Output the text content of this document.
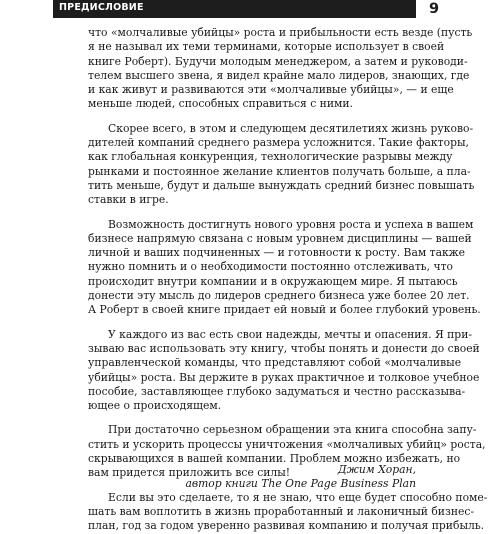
ПРЕДИСЛОВИЕ	9

что «молчаливые убийцы» роста и прибыльности есть везде (пусть
я не называл их теми терминами, которые использует в своей
книге Роберт). Будучи молодым менеджером, а затем и руководи-
телем высшего звена, я видел крайне мало лидеров, знающих, где
и как живут и развиваются эти «молчаливые убийцы», — и еще
меньше людей, способных справиться с ними.

Скорее всего, в этом и следующем десятилетиях жизнь руково-
дителей компаний среднего размера усложнится. Такие факторы,
как глобальная конкуренция, технологические разрывы между
рынками и постоянное желание клиентов получать больше, а пла-
тить меньше, будут и дальше вынуждать средний бизнес повышать
ставки в игре.

Возможность достигнуть нового уровня роста и успеха в вашем
бизнесе напрямую связана с новым уровнем дисциплины — вашей
личной и ваших подчиненных — и готовности к росту. Вам также
нужно помнить и о необходимости постоянно отслеживать, что
происходит внутри компании и в окружающем мире. Я пытаюсь
донести эту мысль до лидеров среднего бизнеса уже более 20 лет.
А Роберт в своей книге придает ей новый и более глубокий уровень.

У каждого из вас есть свои надежды, мечты и опасения. Я при-
зываю вас использовать эту книгу, чтобы понять и донести до своей
управленческой команды, что представляют собой «молчаливые
убийцы» роста. Вы держите в руках практичное и толковое учебное
пособие, заставляющее глубоко задуматься и честно рассказыва-
ющее о происходящем.

При достаточно серьезном обращении эта книга способна запу-
стить и ускорить процессы уничтожения «молчаливых убийц» роста,
скрывающихся в вашей компании. Проблем можно избежать, но
вам придется приложить все силы!

Если вы это сделаете, то я не знаю, что еще будет способно поме-
шать вам воплотить в жизнь проработанный и лаконичный бизнес-
план, год за годом уверенно развивая компанию и получая прибыль.

Джим Хоран,
автор книги The One Page Business Plan
